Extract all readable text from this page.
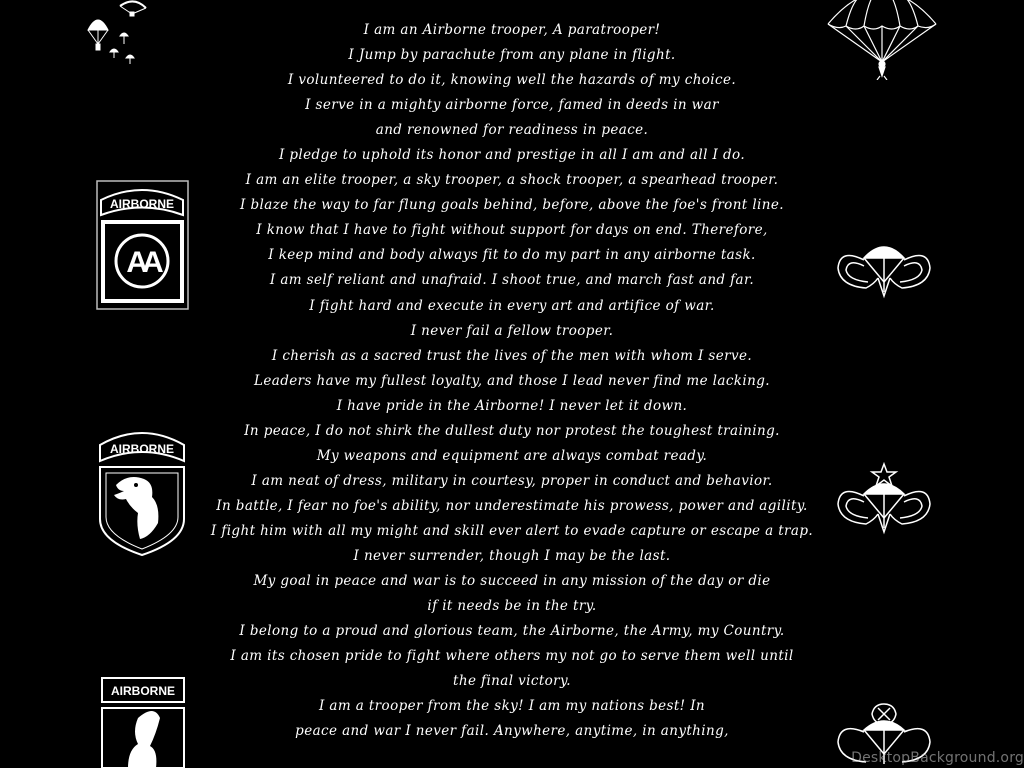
AIRBORNE
AA
AIRBORNE
AIRBORNE
I am an Airborne trooper, A paratrooper!
I Jump by parachute from any plane in flight.
I volunteered to do it, knowing well the hazards of my choice.
I serve in a mighty airborne force, famed in deeds in war
and renowned for readiness in peace.
I pledge to uphold its honor and prestige in all I am and all I do.
I am an elite trooper, a sky trooper, a shock trooper, a spearhead trooper.
I blaze the way to far flung goals behind, before, above the foe's front line.
I know that I have to fight without support for days on end. Therefore,
I keep mind and body always fit to do my part in any airborne task.
I am self reliant and unafraid. I shoot true, and march fast and far.
I fight hard and execute in every art and artifice of war.
I never fail a fellow trooper.
I cherish as a sacred trust the lives of the men with whom I serve.
Leaders have my fullest loyalty, and those I lead never find me lacking.
I have pride in the Airborne! I never let it down.
In peace, I do not shirk the dullest duty nor protest the toughest training.
My weapons and equipment are always combat ready.
I am neat of dress, military in courtesy, proper in conduct and behavior.
In battle, I fear no foe's ability, nor underestimate his prowess, power and agility.
I fight him with all my might and skill ever alert to evade capture or escape a trap.
I never surrender, though I may be the last.
My goal in peace and war is to succeed in any mission of the day or die
if it needs be in the try.
I belong to a proud and glorious team, the Airborne, the Army, my Country.
I am its chosen pride to fight where others my not go to serve them well until
the final victory.
I am a trooper from the sky! I am my nations best! In
peace and war I never fail. Anywhere, anytime, in anything,
DesktopBackground.org
